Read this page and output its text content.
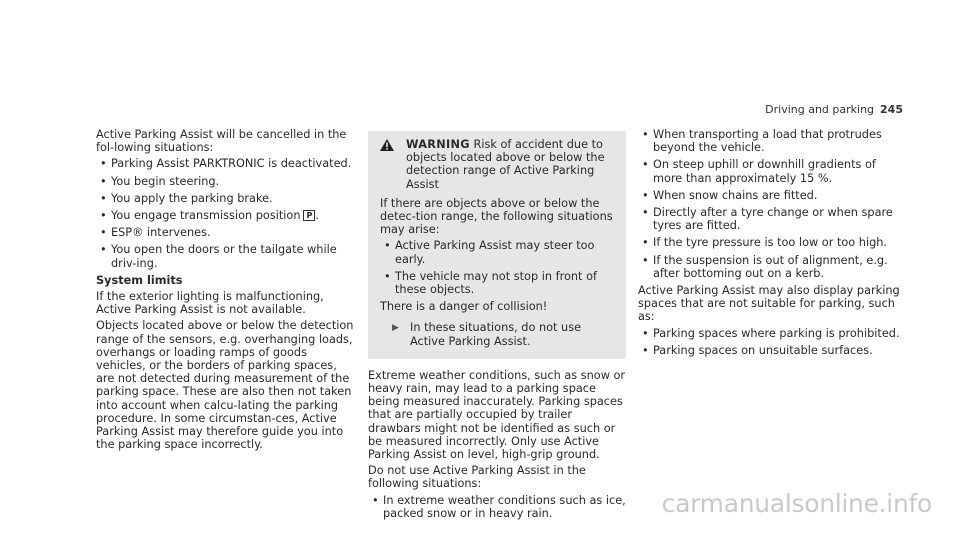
Driving and parking 245

Active Parking Assist will be cancelled in the fol-lowing situations:

• Parking Assist PARKTRONIC is deactivated.
• You begin steering.
• You apply the parking brake.
• You engage transmission position P .
• ESP® intervenes.
• You open the doors or the tailgate while driv-ing.

System limits

If the exterior lighting is malfunctioning, Active Parking Assist is not available.

Objects located above or below the detection range of the sensors, e.g. overhanging loads, overhangs or loading ramps of goods vehicles, or the borders of parking spaces, are not detected during measurement of the parking space. These are also then not taken into account when calcu-lating the parking procedure. In some circumstan-ces, Active Parking Assist may therefore guide you into the parking space incorrectly.

WARNING Risk of accident due to objects located above or below the detection range of Active Parking Assist

If there are objects above or below the detec-tion range, the following situations may arise:

• Active Parking Assist may steer too early.
• The vehicle may not stop in front of these objects.

There is a danger of collision!

▶ In these situations, do not use Active Parking Assist.

Extreme weather conditions, such as snow or heavy rain, may lead to a parking space being measured inaccurately. Parking spaces that are partially occupied by trailer drawbars might not be identified as such or be measured incorrectly. Only use Active Parking Assist on level, high-grip ground.

Do not use Active Parking Assist in the following situations:

• In extreme weather conditions such as ice, packed snow or in heavy rain.
• When transporting a load that protrudes beyond the vehicle.
• On steep uphill or downhill gradients of more than approximately 15 %.
• When snow chains are fitted.
• Directly after a tyre change or when spare tyres are fitted.
• If the tyre pressure is too low or too high.
• If the suspension is out of alignment, e.g. after bottoming out on a kerb.

Active Parking Assist may also display parking spaces that are not suitable for parking, such as:

• Parking spaces where parking is prohibited.
• Parking spaces on unsuitable surfaces.
carmanualsonline.info
